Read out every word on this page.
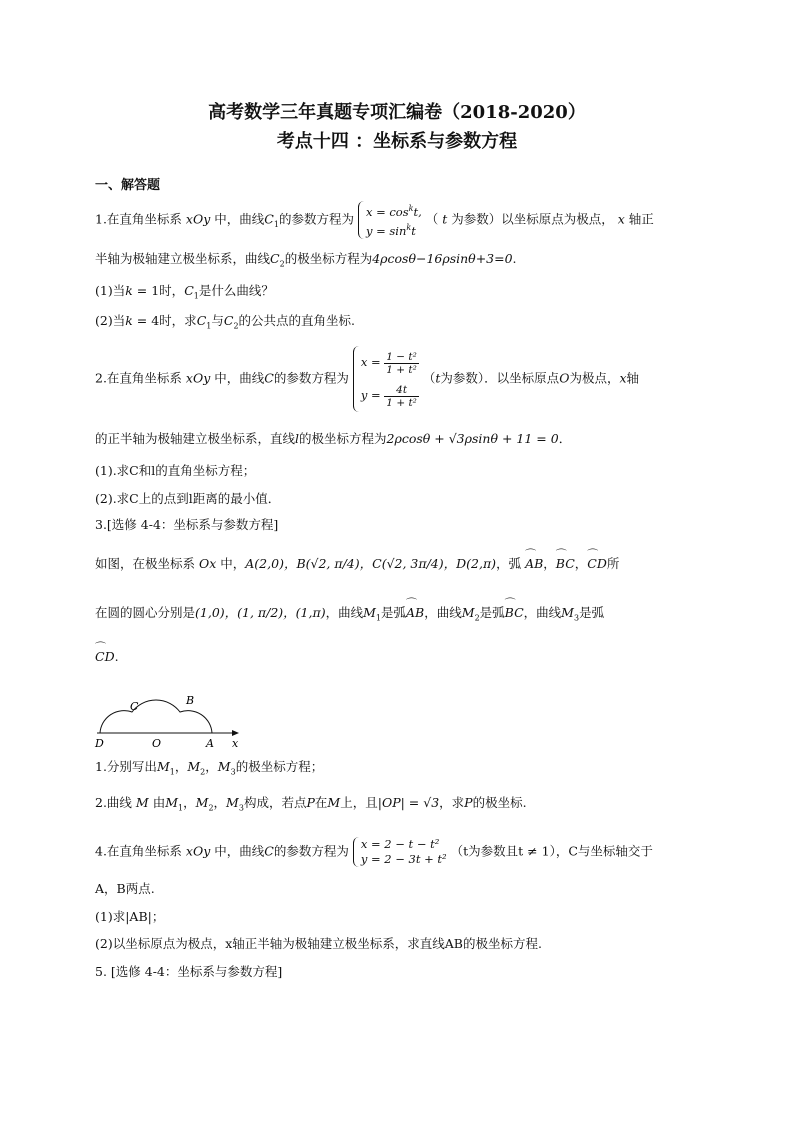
高考数学三年真题专项汇编卷（2018-2020）
考点十四 ：坐标系与参数方程
一、解答题
1.在直角坐标系 xOy 中，曲线$C_1$的参数方程为 $x = \cos^kt$,
$y = \sin^kt$
（ t 为参数）以坐标原点为极点， x 轴正
半轴为极轴建立极坐标系，曲线$C_2$的极坐标方程为4ρcosθ−16ρsinθ+3=0.
(1)当k = 1时，$C_1$是什么曲线？
(2)当k = 4时，求$C_1$与$C_2$的公共点的直角坐标.
2.在直角坐标系 xOy 中，曲线C的参数方程为
$x = \frac{\text{1 − t²}}{\text{1 + t²}}$
$y = \frac{4t}{\text{1 + t²}}$
（t为参数）．以坐标原点O为极点，x轴
的正半轴为极轴建立极坐标系，直线l的极坐标方程为2ρcosθ + √3ρsinθ + 11 = 0．
(1).求C和l的直角坐标方程；
(2).求C上的点到l距离的最小值．
3.[选修 4-4：坐标系与参数方程]
如图，在极坐标系 Ox 中，A(2,0)，B(√2, π/4)，C(√2, 3π/4)，D(2,π)，弧 ⌒ AB，⌒ BC，⌒ CD所
在圆的圆心分别是(1,0)，(1, π/2)，(1,π)，曲线$M_1$是弧⌒ AB，曲线$M_2$是弧⌒ BC，曲线$M_3$是弧
⌒ CD.
D	O	A x
B
C
1.分别写出$M_1$，$M_2$，$M_3$的极坐标方程；
2.曲线 M 由$M_1$，$M_2$，$M_3$构成，若点P在M上，且|OP| = √3，求P的极坐标.
4.在直角坐标系 xOy 中，曲线C的参数方程为 x = 2 − t − t²
y = 2 − 3t + t²
（t为参数且t ≠ 1），C与坐标轴交于
A，B两点.
(1)求|AB|；
(2)以坐标原点为极点，x轴正半轴为极轴建立极坐标系，求直线AB的极坐标方程.
5. [选修 4-4：坐标系与参数方程]
